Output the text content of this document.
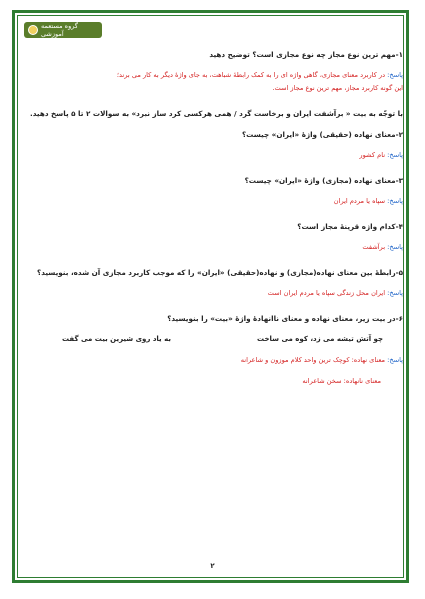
گروه مستعمه آموزشی

۱-مهم ترین نوع مجاز چه نوع مجازی است؟ توضیح دهید

پاسخ: در کاربرد معنای مجازی، گاهی واژه ای را به کمک رابطهٔ شباهت، به جای واژهٔ دیگر به کار می برند؛

این گونه کاربرد مجاز، مهم ترین نوع مجاز است.

با توجّه به بیت « برآشفت ایران و برخاست گرد / همی هرکسی کرد ساز نبرد» به سوالات ۲ تا ۵ پاسخ دهید.

۲-معنای نهاده (حقیقی) واژهٔ «ایران» چیست؟

پاسخ: نام کشور

۳-معنای نهاده (مجازی) واژهٔ «ایران» چیست؟

پاسخ: سپاه یا مردم ایران

۴-کدام واژه قرینهٔ مجاز است؟

پاسخ: برآشفت

۵-رابطهٔ بین معنای نهاده(مجازی) و نهاده(حقیقی) «ایران» را که موجب کاربرد مجازی آن شده، بنویسید؟

پاسخ: ایران محل زندگی سپاه یا مردم ایران است

۶-در بیت زیر، معنای نهاده و معنای ناانهادهٔ واژهٔ «بیت» را بنویسید؟

چو آتش تیشه می زد، کوه می ساخت
به یاد روی شیرین بیت می گفت

پاسخ: معنای نهاده: کوچک ترین واحد کلام موزون و شاعرانه

معنای نانهاده: سخن شاعرانه

۲
